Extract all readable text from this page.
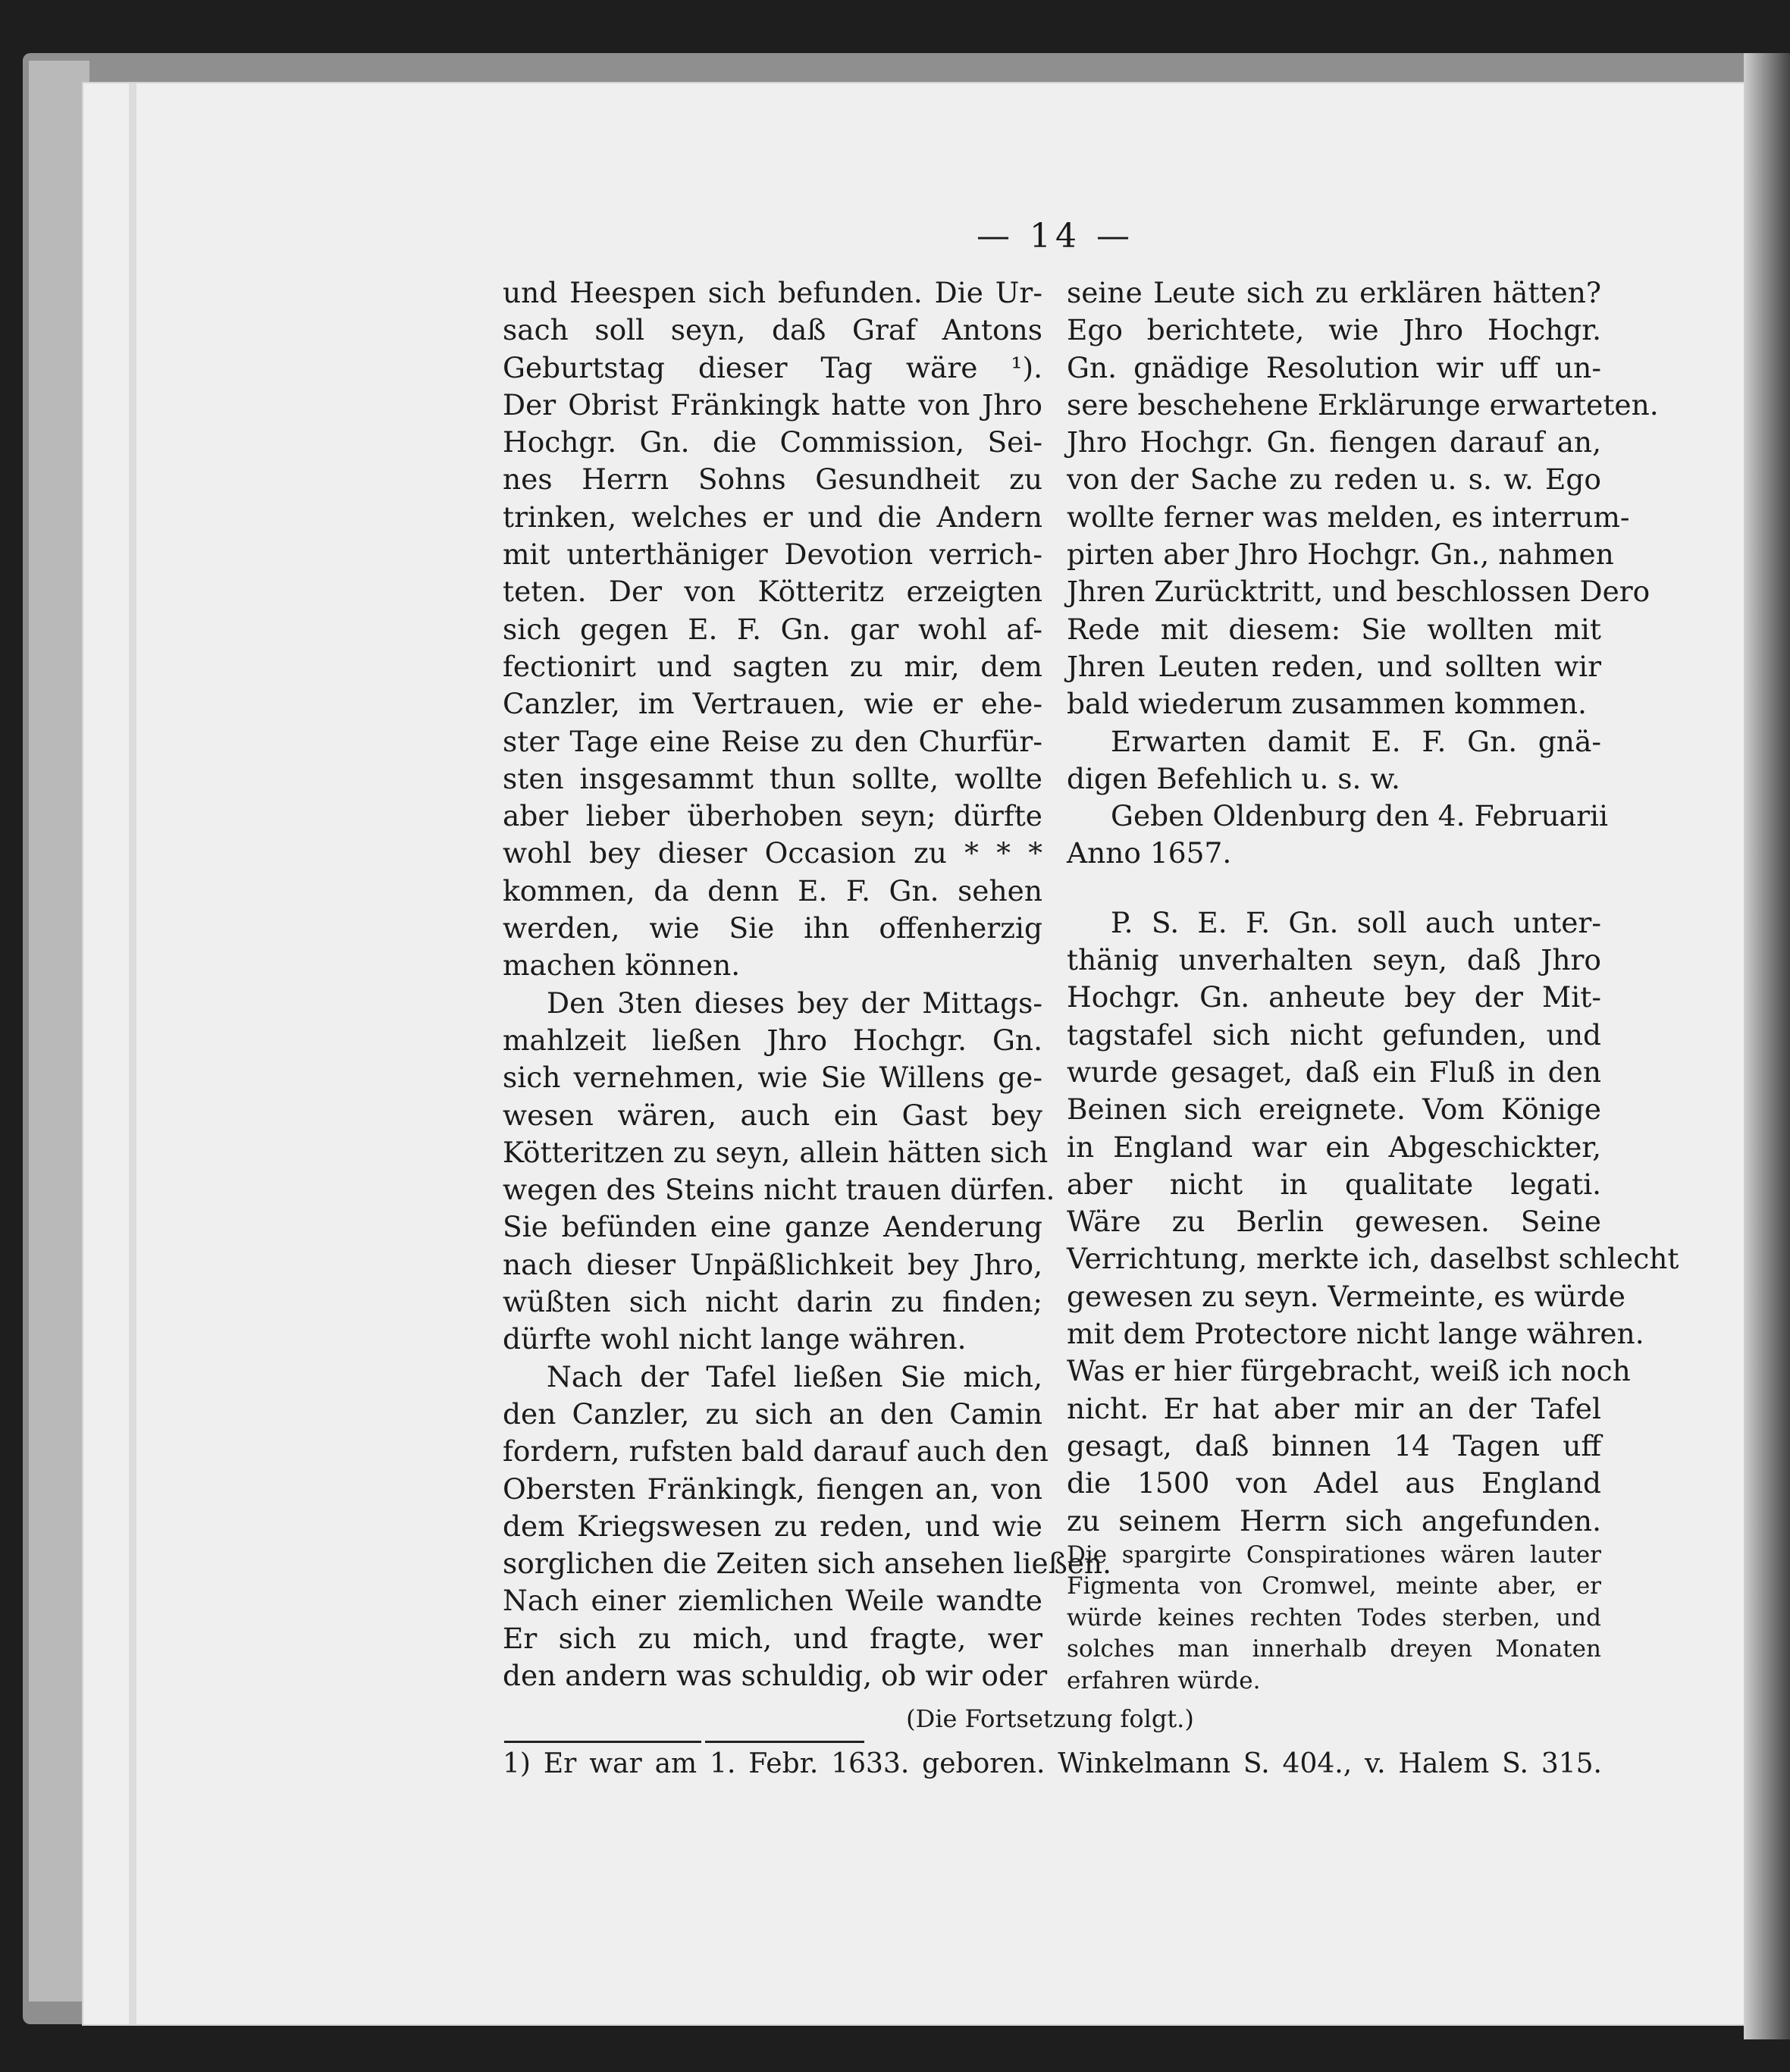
— 14 —
und Heespen sich befunden. Die Ur-
sach soll seyn, daß Graf Antons
Geburtstag dieser Tag wäre ¹).
Der Obrist Fränkingk hatte von Jhro
Hochgr. Gn. die Commission, Sei-
nes Herrn Sohns Gesundheit zu
trinken, welches er und die Andern
mit unterthäniger Devotion verrich-
teten. Der von Kötteritz erzeigten
sich gegen E. F. Gn. gar wohl af-
fectionirt und sagten zu mir, dem
Canzler, im Vertrauen, wie er ehe-
ster Tage eine Reise zu den Churfür-
sten insgesammt thun sollte, wollte
aber lieber überhoben seyn; dürfte
wohl bey dieser Occasion zu * * *
kommen, da denn E. F. Gn. sehen
werden, wie Sie ihn offenherzig
machen können.
Den 3ten dieses bey der Mittags-
mahlzeit ließen Jhro Hochgr. Gn.
sich vernehmen, wie Sie Willens ge-
wesen wären, auch ein Gast bey
Kötteritzen zu seyn, allein hätten sich
wegen des Steins nicht trauen dürfen.
Sie befünden eine ganze Aenderung
nach dieser Unpäßlichkeit bey Jhro,
wüßten sich nicht darin zu finden;
dürfte wohl nicht lange währen.
Nach der Tafel ließen Sie mich,
den Canzler, zu sich an den Camin
fordern, rufsten bald darauf auch den
Obersten Fränkingk, fiengen an, von
dem Kriegswesen zu reden, und wie
sorglichen die Zeiten sich ansehen ließen.
Nach einer ziemlichen Weile wandte
Er sich zu mich, und fragte, wer
den andern was schuldig, ob wir oder
seine Leute sich zu erklären hätten?
Ego berichtete, wie Jhro Hochgr.
Gn. gnädige Resolution wir uff un-
sere beschehene Erklärunge erwarteten.
Jhro Hochgr. Gn. fiengen darauf an,
von der Sache zu reden u. s. w. Ego
wollte ferner was melden, es interrum-
pirten aber Jhro Hochgr. Gn., nahmen
Jhren Zurücktritt, und beschlossen Dero
Rede mit diesem: Sie wollten mit
Jhren Leuten reden, und sollten wir
bald wiederum zusammen kommen.
Erwarten damit E. F. Gn. gnä-
digen Befehlich u. s. w.
Geben Oldenburg den 4. Februarii
Anno 1657.
P. S. E. F. Gn. soll auch unter-
thänig unverhalten seyn, daß Jhro
Hochgr. Gn. anheute bey der Mit-
tagstafel sich nicht gefunden, und
wurde gesaget, daß ein Fluß in den
Beinen sich ereignete. Vom Könige
in England war ein Abgeschickter,
aber nicht in qualitate legati.
Wäre zu Berlin gewesen. Seine
Verrichtung, merkte ich, daselbst schlecht
gewesen zu seyn. Vermeinte, es würde
mit dem Protectore nicht lange währen.
Was er hier fürgebracht, weiß ich noch
nicht. Er hat aber mir an der Tafel
gesagt, daß binnen 14 Tagen uff
die 1500 von Adel aus England
zu seinem Herrn sich angefunden.
Die spargirte Conspirationes wären lauter
Figmenta von Cromwel, meinte aber, er
würde keines rechten Todes sterben, und
solches man innerhalb dreyen Monaten
erfahren würde.
(Die Fortsetzung folgt.)
1) Er war am 1. Febr. 1633. geboren. Winkelmann S. 404., v. Halem S. 315.
